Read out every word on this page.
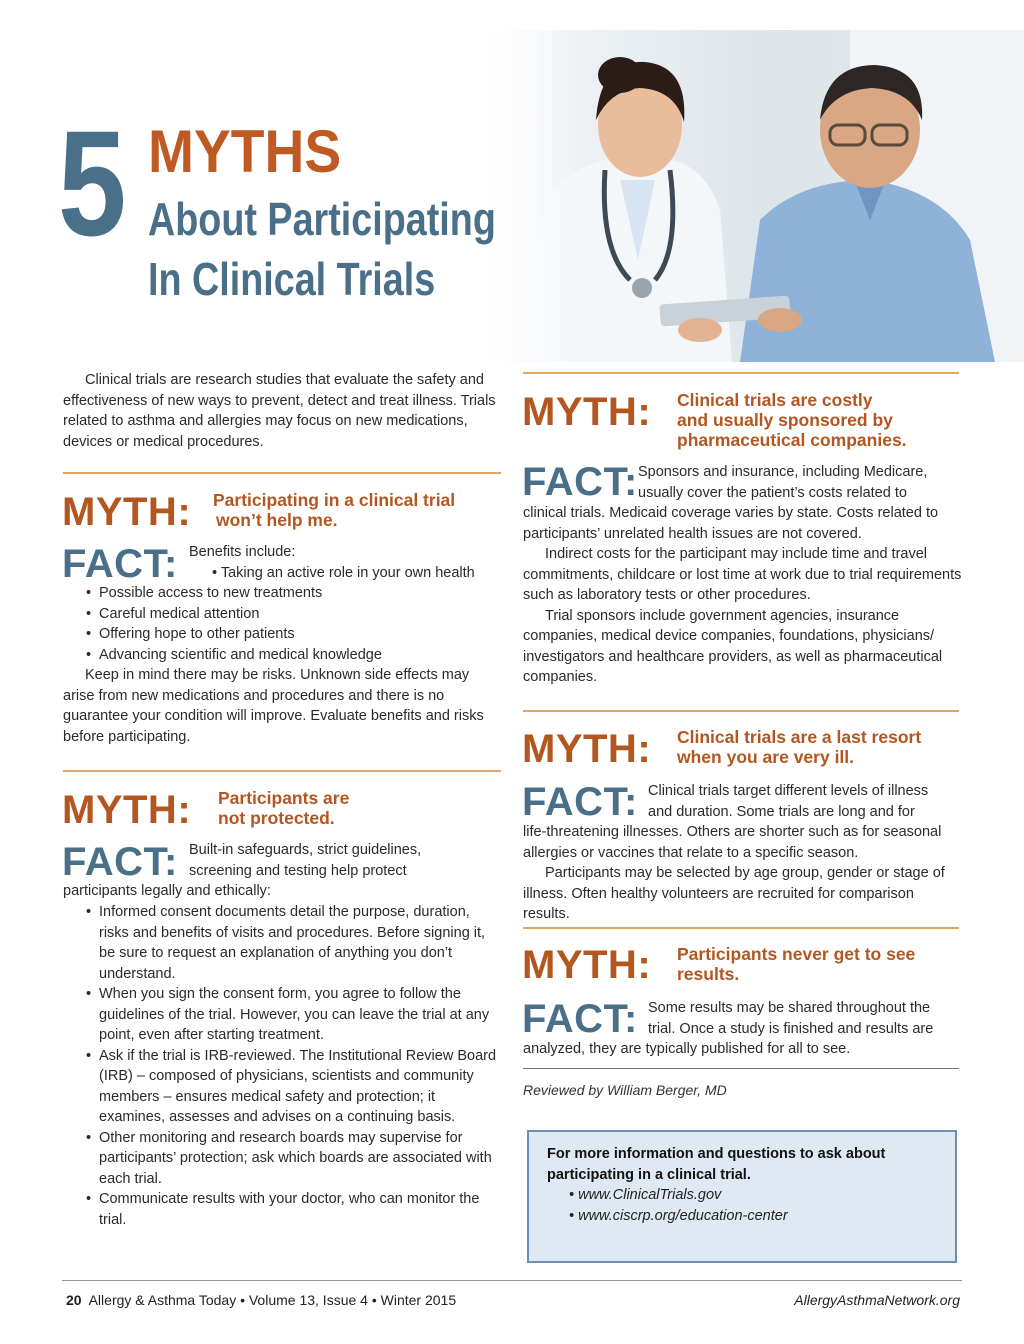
5 MYTHS
About Participating
In Clinical Trials
Clinical trials are research studies that evaluate the safety and effectiveness of new ways to prevent, detect and treat illness. Trials related to asthma and allergies may focus on new medications, devices or medical procedures.
MYTH: Participating in a clinical trial
won’t help me.
FACT: Benefits include:
• Taking an active role in your own health
• Possible access to new treatments
• Careful medical attention
• Offering hope to other patients
• Advancing scientific and medical knowledge
Keep in mind there may be risks. Unknown side effects may arise from new medications and procedures and there is no guarantee your condition will improve. Evaluate benefits and risks before participating.
MYTH: Participants are
not protected.
FACT: Built-in safeguards, strict guidelines,
screening and testing help protect
participants legally and ethically:
• Informed consent documents detail the purpose, duration, risks and benefits of visits and procedures. Before signing it, be sure to request an explanation of anything you don’t understand.
• When you sign the consent form, you agree to follow the guidelines of the trial. However, you can leave the trial at any point, even after starting treatment.
• Ask if the trial is IRB-reviewed. The Institutional Review Board (IRB) – composed of physicians, scientists and community members – ensures medical safety and protection; it examines, assesses and advises on a continuing basis.
• Other monitoring and research boards may supervise for participants’ protection; ask which boards are associated with each trial.
• Communicate results with your doctor, who can monitor the trial.
MYTH: Clinical trials are costly
and usually sponsored by
pharmaceutical companies.
FACT: Sponsors and insurance, including Medicare,
usually cover the patient’s costs related to

clinical trials. Medicaid coverage varies by state. Costs related to participants’ unrelated health issues are not covered.

Indirect costs for the participant may include time and travel commitments, childcare or lost time at work due to trial requirements such as laboratory tests or other procedures.

Trial sponsors include government agencies, insurance companies, medical device companies, foundations, physicians/ investigators and healthcare providers, as well as pharmaceutical companies.

MYTH: Clinical trials are a last resort
when you are very ill.
FACT: Clinical trials target different levels of illness
and duration. Some trials are long and for

life-threatening illnesses. Others are shorter such as for seasonal allergies or vaccines that relate to a specific season.

Participants may be selected by age group, gender or stage of illness. Often healthy volunteers are recruited for comparison results.

MYTH: Participants never get to see
results.
FACT: Some results may be shared throughout the
trial. Once a study is finished and results are
analyzed, they are typically published for all to see.
Reviewed by William Berger, MD
For more information and questions to ask about participating in a clinical trial.
• www.ClinicalTrials.gov
• www.ciscrp.org/education-center
20 Allergy & Asthma Today • Volume 13, Issue 4 • Winter 2015	AllergyAsthmaNetwork.org
